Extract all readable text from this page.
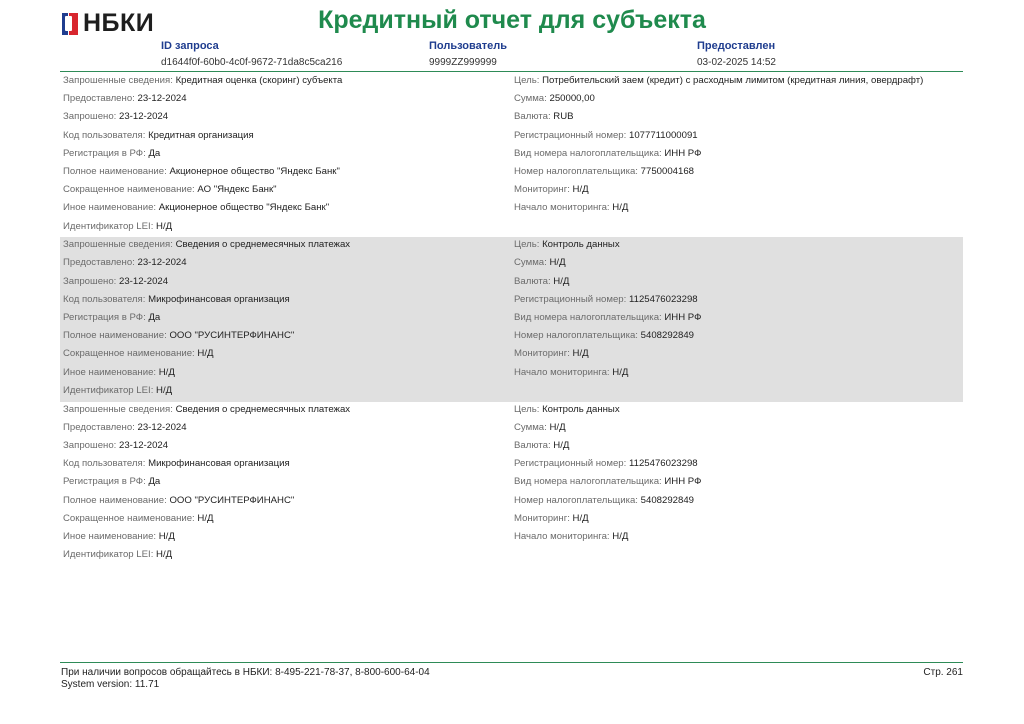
НБКИ	Кредитный отчет для субъекта
ID запроса
d1644f0f-60b0-4c0f-9672-71da8c5ca216
Пользователь
9999ZZ999999
Предоставлен
03-02-2025 14:52
Запрошенные сведения: Кредитная оценка (скоринг) субъекта
Предоставлено: 23-12-2024
Запрошено: 23-12-2024
Код пользователя: Кредитная организация
Регистрация в РФ: Да
Полное наименование: Акционерное общество "Яндекс Банк"
Сокращенное наименование: АО "Яндекс Банк"
Иное наименование: Акционерное общество "Яндекс Банк"
Идентификатор LEI: Н/Д
Цель: Потребительский заем (кредит) с расходным лимитом (кредитная линия, овердрафт)
Сумма: 250000,00
Валюта: RUB
Регистрационный номер: 1077711000091
Вид номера налогоплательщика: ИНН РФ
Номер налогоплательщика: 7750004168
Мониторинг: Н/Д
Начало мониторинга: Н/Д
Запрошенные сведения: Сведения о среднемесячных платежах
Предоставлено: 23-12-2024
Запрошено: 23-12-2024
Код пользователя: Микрофинансовая организация
Регистрация в РФ: Да
Полное наименование: ООО "РУСИНТЕРФИНАНС"
Сокращенное наименование: Н/Д
Иное наименование: Н/Д
Идентификатор LEI: Н/Д
Цель: Контроль данных
Сумма: Н/Д
Валюта: Н/Д
Регистрационный номер: 1125476023298
Вид номера налогоплательщика: ИНН РФ
Номер налогоплательщика: 5408292849
Мониторинг: Н/Д
Начало мониторинга: Н/Д
Запрошенные сведения: Сведения о среднемесячных платежах
Предоставлено: 23-12-2024
Запрошено: 23-12-2024
Код пользователя: Микрофинансовая организация
Регистрация в РФ: Да
Полное наименование: ООО "РУСИНТЕРФИНАНС"
Сокращенное наименование: Н/Д
Иное наименование: Н/Д
Идентификатор LEI: Н/Д
Цель: Контроль данных
Сумма: Н/Д
Валюта: Н/Д
Регистрационный номер: 1125476023298
Вид номера налогоплательщика: ИНН РФ
Номер налогоплательщика: 5408292849
Мониторинг: Н/Д
Начало мониторинга: Н/Д
При наличии вопросов обращайтесь в НБКИ: 8-495-221-78-37, 8-800-600-64-04
System version: 11.71
Стр. 261
